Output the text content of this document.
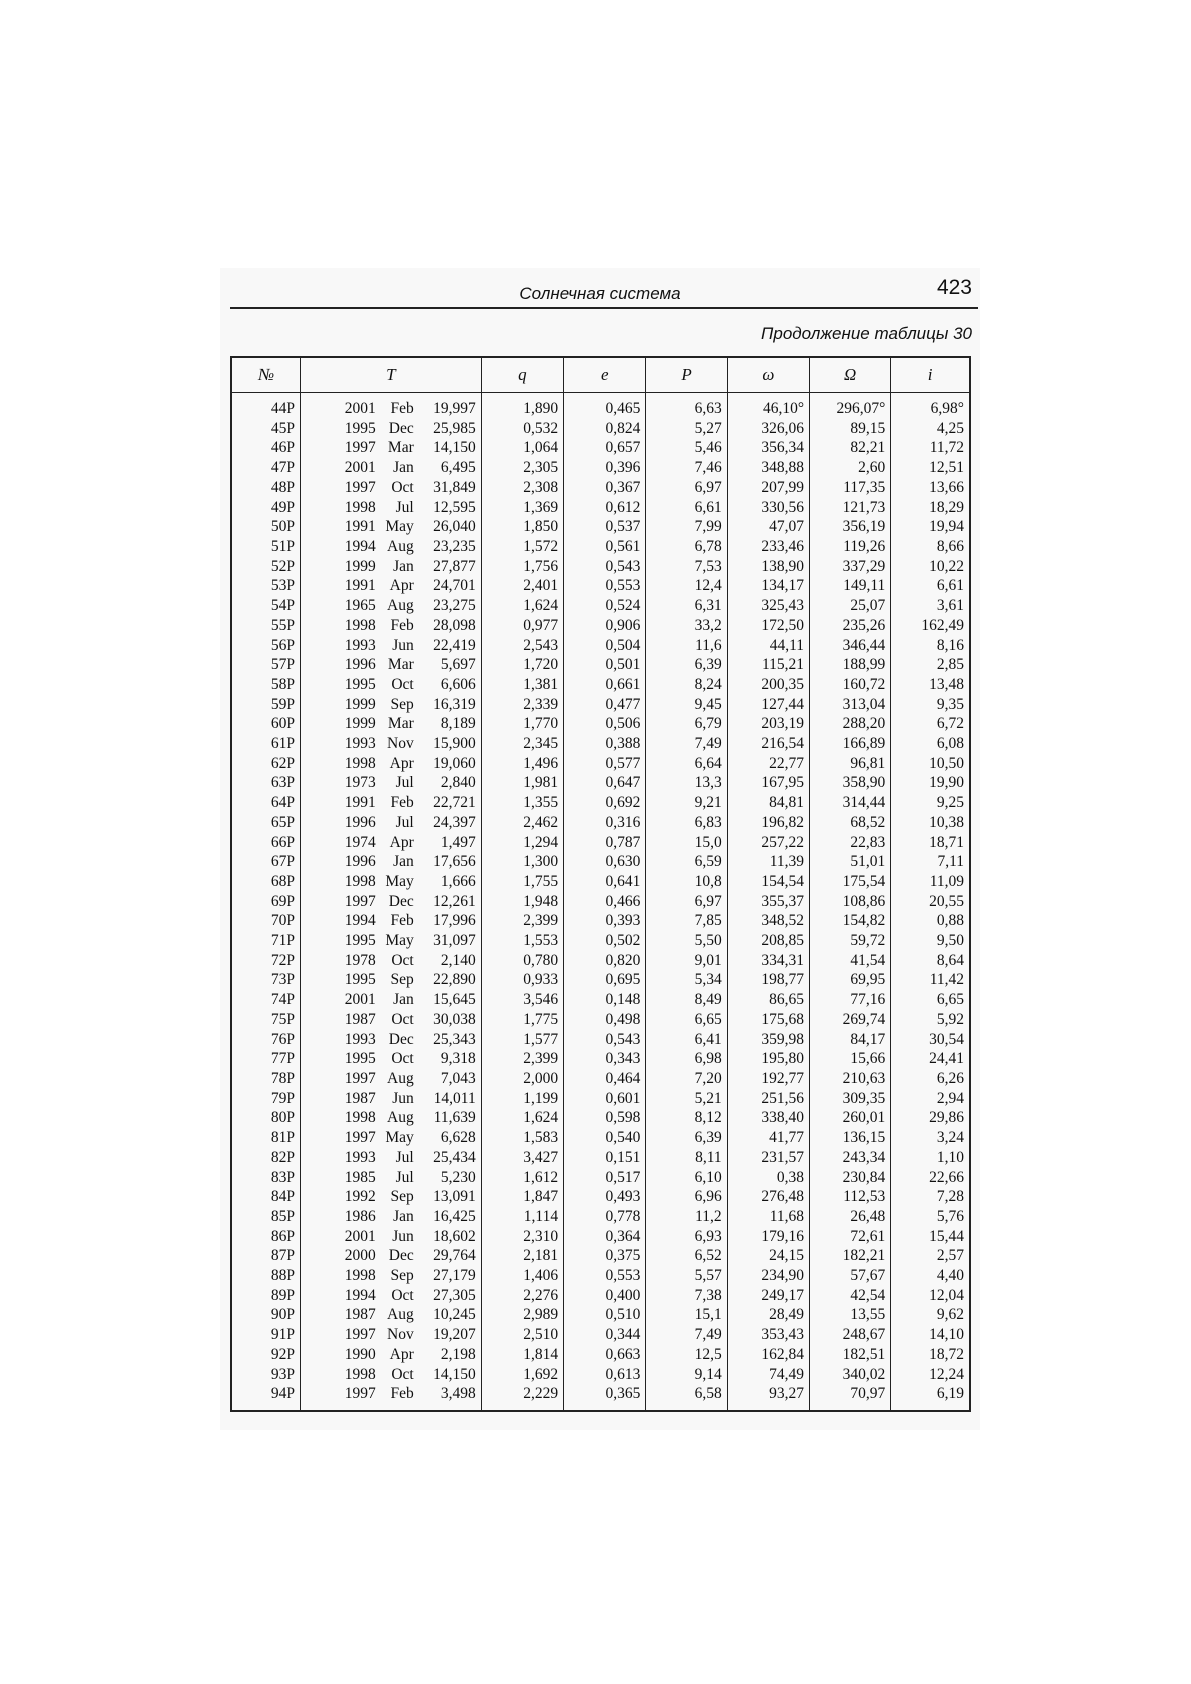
Солнечная система	423
Продолжение таблицы 30
№	T	q	e	P	ω	Ω	i
44P	2001 Feb 19,997	1,890	0,465	6,63	46,10°	296,07°	6,98°
45P	1995 Dec 25,985	0,532	0,824	5,27	326,06	89,15	4,25
46P	1997 Mar 14,150	1,064	0,657	5,46	356,34	82,21	11,72
47P	2001 Jan 6,495	2,305	0,396	7,46	348,88	2,60	12,51
48P	1997 Oct 31,849	2,308	0,367	6,97	207,99	117,35	13,66
49P	1998 Jul 12,595	1,369	0,612	6,61	330,56	121,73	18,29
50P	1991 May 26,040	1,850	0,537	7,99	47,07	356,19	19,94
51P	1994 Aug 23,235	1,572	0,561	6,78	233,46	119,26	8,66
52P	1999 Jan 27,877	1,756	0,543	7,53	138,90	337,29	10,22
53P	1991 Apr 24,701	2,401	0,553	12,4	134,17	149,11	6,61
54P	1965 Aug 23,275	1,624	0,524	6,31	325,43	25,07	3,61
55P	1998 Feb 28,098	0,977	0,906	33,2	172,50	235,26	162,49
56P	1993 Jun 22,419	2,543	0,504	11,6	44,11	346,44	8,16
57P	1996 Mar 5,697	1,720	0,501	6,39	115,21	188,99	2,85
58P	1995 Oct 6,606	1,381	0,661	8,24	200,35	160,72	13,48
59P	1999 Sep 16,319	2,339	0,477	9,45	127,44	313,04	9,35
60P	1999 Mar 8,189	1,770	0,506	6,79	203,19	288,20	6,72
61P	1993 Nov 15,900	2,345	0,388	7,49	216,54	166,89	6,08
62P	1998 Apr 19,060	1,496	0,577	6,64	22,77	96,81	10,50
63P	1973 Jul 2,840	1,981	0,647	13,3	167,95	358,90	19,90
64P	1991 Feb 22,721	1,355	0,692	9,21	84,81	314,44	9,25
65P	1996 Jul 24,397	2,462	0,316	6,83	196,82	68,52	10,38
66P	1974 Apr 1,497	1,294	0,787	15,0	257,22	22,83	18,71
67P	1996 Jan 17,656	1,300	0,630	6,59	11,39	51,01	7,11
68P	1998 May 1,666	1,755	0,641	10,8	154,54	175,54	11,09
69P	1997 Dec 12,261	1,948	0,466	6,97	355,37	108,86	20,55
70P	1994 Feb 17,996	2,399	0,393	7,85	348,52	154,82	0,88
71P	1995 May 31,097	1,553	0,502	5,50	208,85	59,72	9,50
72P	1978 Oct 2,140	0,780	0,820	9,01	334,31	41,54	8,64
73P	1995 Sep 22,890	0,933	0,695	5,34	198,77	69,95	11,42
74P	2001 Jan 15,645	3,546	0,148	8,49	86,65	77,16	6,65
75P	1987 Oct 30,038	1,775	0,498	6,65	175,68	269,74	5,92
76P	1993 Dec 25,343	1,577	0,543	6,41	359,98	84,17	30,54
77P	1995 Oct 9,318	2,399	0,343	6,98	195,80	15,66	24,41
78P	1997 Aug 7,043	2,000	0,464	7,20	192,77	210,63	6,26
79P	1987 Jun 14,011	1,199	0,601	5,21	251,56	309,35	2,94
80P	1998 Aug 11,639	1,624	0,598	8,12	338,40	260,01	29,86
81P	1997 May 6,628	1,583	0,540	6,39	41,77	136,15	3,24
82P	1993 Jul 25,434	3,427	0,151	8,11	231,57	243,34	1,10
83P	1985 Jul 5,230	1,612	0,517	6,10	0,38	230,84	22,66
84P	1992 Sep 13,091	1,847	0,493	6,96	276,48	112,53	7,28
85P	1986 Jan 16,425	1,114	0,778	11,2	11,68	26,48	5,76
86P	2001 Jun 18,602	2,310	0,364	6,93	179,16	72,61	15,44
87P	2000 Dec 29,764	2,181	0,375	6,52	24,15	182,21	2,57
88P	1998 Sep 27,179	1,406	0,553	5,57	234,90	57,67	4,40
89P	1994 Oct 27,305	2,276	0,400	7,38	249,17	42,54	12,04
90P	1987 Aug 10,245	2,989	0,510	15,1	28,49	13,55	9,62
91P	1997 Nov 19,207	2,510	0,344	7,49	353,43	248,67	14,10
92P	1990 Apr 2,198	1,814	0,663	12,5	162,84	182,51	18,72
93P	1998 Oct 14,150	1,692	0,613	9,14	74,49	340,02	12,24
94P	1997 Feb 3,498	2,229	0,365	6,58	93,27	70,97	6,19
